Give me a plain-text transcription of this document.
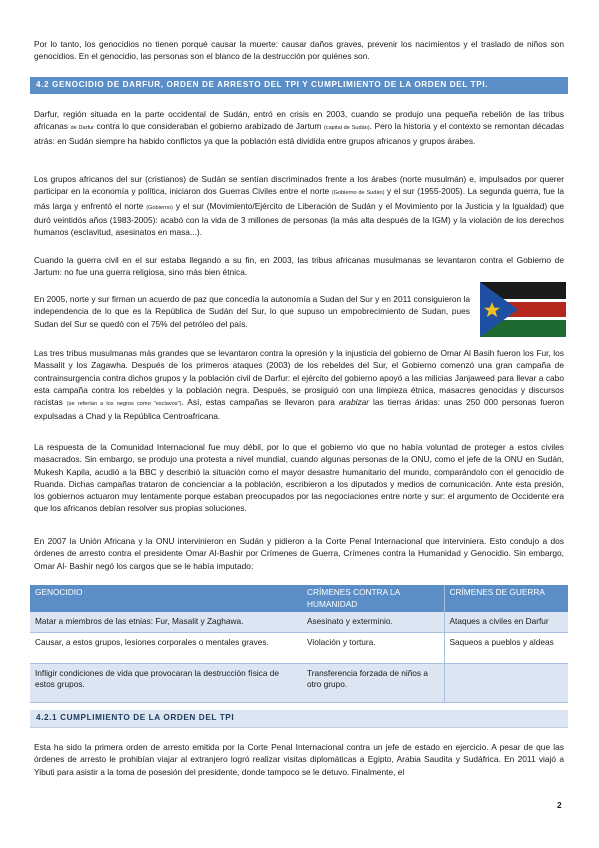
Por lo tanto, los genocidios no tienen porqué causar la muerte: causar daños graves, prevenir los nacimientos y el traslado de niños son genocidios. En el genocidio, las personas son el blanco de la destrucción por quiénes son.

4.2 GENOCIDIO DE DARFUR, ORDEN DE ARRESTO DEL TPI Y CUMPLIMIENTO DE LA ORDEN DEL TPI.

Darfur, región situada en la parte occidental de Sudán, entró en crisis en 2003, cuando se produjo una pequeña rebelión de las tribus africanas de Darfur contra lo que consideraban el gobierno arabizado de Jartum (capital de Sudán). Pero la historia y el contexto se remontan décadas atrás: en Sudán siempre ha habido conflictos ya que la población está dividida entre grupos africanos y grupos árabes.

Los grupos africanos del sur (cristianos) de Sudán se sentían discriminados frente a los árabes (norte musulmán) e, impulsados por querer participar en la economía y política, iniciaron dos Guerras Civiles entre el norte (Gobierno de Sudán) y el sur (1955-2005). La segunda guerra, fue la más larga y enfrentó el norte (Gobierno) y el sur (Movimiento/Ejército de Liberación de Sudán y el Movimiento por la Justicia y la Igualdad) que duró veintidós años (1983-2005): acabó con la vida de 3 millones de personas (la más alta después de la IGM) y la violación de los derechos humanos (esclavitud, asesinatos en masa...).

Cuando la guerra civil en el sur estaba llegando a su fin, en 2003, las tribus africanas musulmanas se levantaron contra el Gobierno de Jartum: no fue una guerra religiosa, sino más bien étnica.

En 2005, norte y sur firman un acuerdo de paz que concedía la autonomía a Sudan del Sur y en 2011 consiguieron la independencia de lo que es la República de Sudán del Sur, lo que supuso un empobrecimiento de Sudan, pues Sudan del Sur se quedó con el 75% del petróleo del país.

Las tres tribus musulmanas más grandes que se levantaron contra la opresión y la injusticia del gobierno de Omar Al Basih fueron los Fur, los Massalit y los Zagawha. Después de los primeros ataques (2003) de los rebeldes del Sur, el Gobierno comenzó una gran campaña de contrainsurgencia contra dichos grupos y la población civil de Darfur: el ejército del gobierno apoyó a las milicias Janjaweed para llevar a cabo esta campaña contra los rebeldes y la población negra. Después, se prosiguió con una limpieza étnica, masacres genocidas y discursos racistas (se referían a los negros como "esclavos"). Así, estas campañas se llevaron para arabizar las tierras áridas: unas 250 000 personas fueron expulsadas a Chad y la República Centroafricana.

La respuesta de la Comunidad Internacional fue muy débil, por lo que el gobierno vio que no había voluntad de proteger a estos civiles masacrados. Sin embargo, se produjo una protesta a nivel mundial, cuando algunas personas de la ONU, como el jefe de la ONU en Sudán, Mukesh Kapila, acudió a la BBC y describió la situación como el mayor desastre humanitario del mundo, comparándolo con el genocidio de Ruanda. Dichas campañas trataron de concienciar a la población, escribieron a los diputados y medios de comunicación. Ante esta presión, los gobiernos actuaron muy lentamente porque estaban preocupados por las negociaciones entre norte y sur: el argumento de Occidente era que los africanos debían resolver sus propias soluciones.

En 2007 la Unión Africana y la ONU intervinieron en Sudán y pidieron a la Corte Penal Internacional que interviniera. Esto condujo a dos órdenes de arresto contra el presidente Omar Al-Bashir por Crímenes de Guerra, Crímenes contra la Humanidad y Genocidio. Sin embargo, Omar Al- Bashir negó los cargos que se le había imputado:

GENOCIDIO	CRÍMENES CONTRA LA HUMANIDAD	CRÍMENES DE GUERRA
Matar a miembros de las etnias: Fur, Masalit y Zaghawa.	Asesinato y exterminio.	Ataques a civiles en Darfur
Causar, a estos grupos, lesiones corporales o mentales graves.	Violación y tortura.	Saqueos a pueblos y aldeas
Infligir condiciones de vida que provocaran la destrucción física de estos grupos.	Transferencia forzada de niños a otro grupo.	
4.2.1 CUMPLIMIENTO DE LA ORDEN DEL TPI

Esta ha sido la primera orden de arresto emitida por la Corte Penal Internacional contra un jefe de estado en ejercicio. A pesar de que las órdenes de arresto le prohibían viajar al extranjero logró realizar visitas diplomáticas a Egipto, Arabia Saudita y Sudáfrica. En 2011 viajó a Yibuti para asistir a la toma de posesión del presidente, donde tampoco se le detuvo. Finalmente, el

2
